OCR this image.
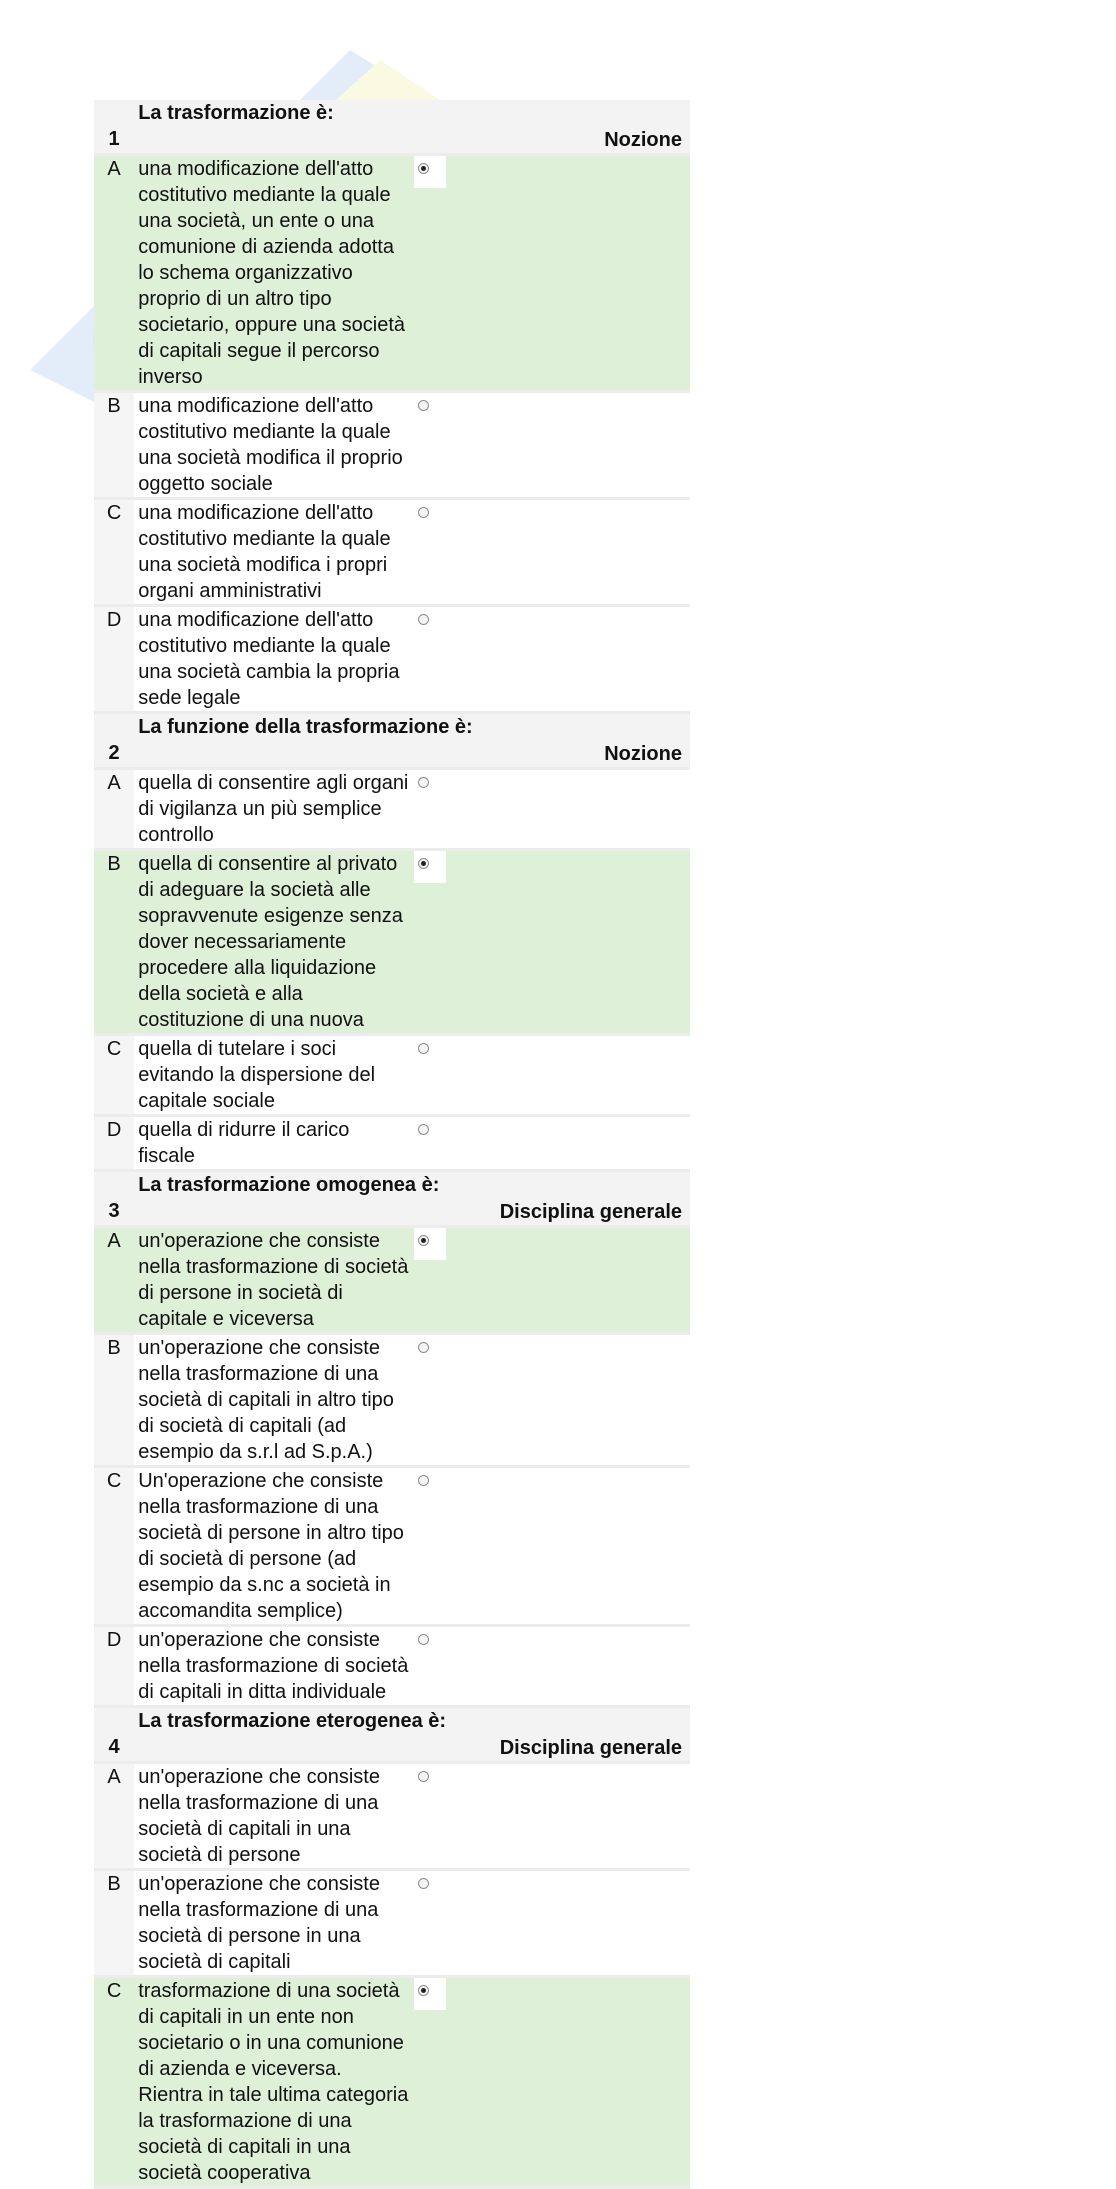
1	La trasformazione è:
Nozione	

A	una modificazione dell'atto costitutivo mediante la quale una società, un ente o una comunione di azienda adotta lo schema organizzativo proprio di un altro tipo societario, oppure una società di capitali segue il percorso inverso	

B	una modificazione dell'atto costitutivo mediante la quale una società modifica il proprio oggetto sociale	

C	una modificazione dell'atto costitutivo mediante la quale una società modifica i propri organi amministrativi	

D	una modificazione dell'atto costitutivo mediante la quale una società cambia la propria sede legale	

2	La funzione della trasformazione è:
Nozione	

A	quella di consentire agli organi di vigilanza un più semplice controllo	

B	quella di consentire al privato di adeguare la società alle sopravvenute esigenze senza dover necessariamente procedere alla liquidazione della società e alla costituzione di una nuova	

C	quella di tutelare i soci evitando la dispersione del capitale sociale	

D	quella di ridurre il carico fiscale	

3	La trasformazione omogenea è:
Disciplina generale	

A	un'operazione che consiste nella trasformazione di società di persone in società di capitale e viceversa	

B	un'operazione che consiste nella trasformazione di una società di capitali in altro tipo di società di capitali (ad esempio da s.r.l ad S.p.A.)	

C	Un'operazione che consiste nella trasformazione di una società di persone in altro tipo di società di persone (ad esempio da s.nc a società in accomandita semplice)	

D	un'operazione che consiste nella trasformazione di società di capitali in ditta individuale	

4	La trasformazione eterogenea è:
Disciplina generale	

A	un'operazione che consiste nella trasformazione di una società di capitali in una società di persone	

B	un'operazione che consiste nella trasformazione di una società di persone in una società di capitali	

C	trasformazione di una società di capitali in un ente non societario o in una comunione di azienda e viceversa. Rientra in tale ultima categoria la trasformazione di una società di capitali in una società cooperativa	
